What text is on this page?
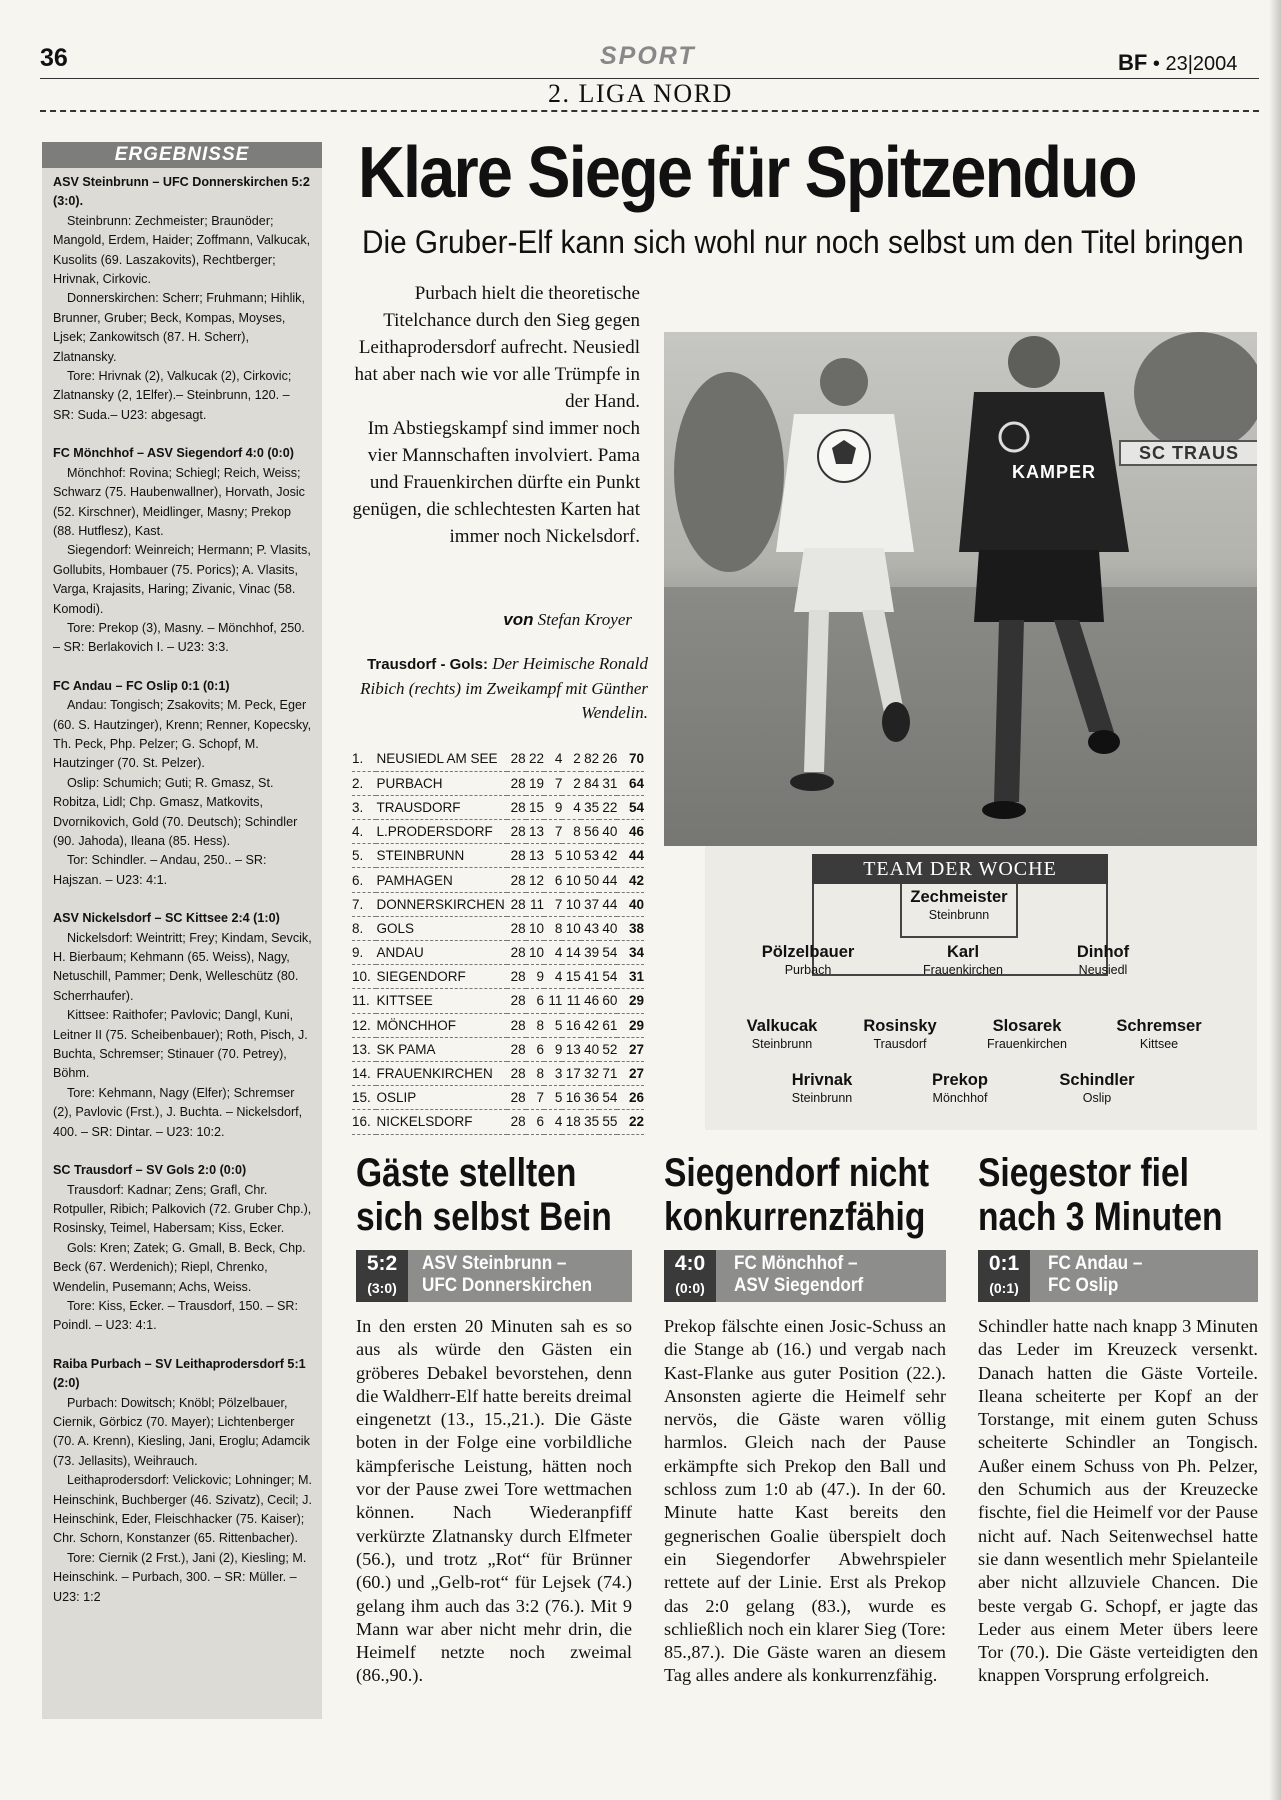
36	SPORT	BF • 23|2004
2. LIGA NORD
ERGEBNISSE
ASV Steinbrunn – UFC Donnerskirchen 5:2 (3:0).
Steinbrunn: Zechmeister; Braunöder; Mangold, Erdem, Haider; Zoffmann, Valkucak, Kusolits (69. Laszakovits), Rechtberger; Hrivnak, Cirkovic.
Donnerskirchen: Scherr; Fruhmann; Hihlik, Brunner, Gruber; Beck, Kompas, Moyses, Ljsek; Zankowitsch (87. H. Scherr), Zlatnansky.
Tore: Hrivnak (2), Valkucak (2), Cirkovic; Zlatnansky (2, 1Elfer).– Steinbrunn, 120. – SR: Suda.– U23: abgesagt.
FC Mönchhof – ASV Siegendorf 4:0 (0:0)
Mönchhof: Rovina; Schiegl; Reich, Weiss; Schwarz (75. Haubenwallner), Horvath, Josic (52. Kirschner), Meidlinger, Masny; Prekop (88. Hutflesz), Kast.
Siegendorf: Weinreich; Hermann; P. Vlasits, Gollubits, Hombauer (75. Porics); A. Vlasits, Varga, Krajasits, Haring; Zivanic, Vinac (58. Komodi).
Tore: Prekop (3), Masny. – Mönchhof, 250. – SR: Berlakovich I. – U23: 3:3.
FC Andau – FC Oslip 0:1 (0:1)
Andau: Tongisch; Zsakovits; M. Peck, Eger (60. S. Hautzinger), Krenn; Renner, Kopecsky, Th. Peck, Php. Pelzer; G. Schopf, M. Hautzinger (70. St. Pelzer).
Oslip: Schumich; Guti; R. Gmasz, St. Robitza, Lidl; Chp. Gmasz, Matkovits, Dvornikovich, Gold (70. Deutsch); Schindler (90. Jahoda), Ileana (85. Hess).
Tor: Schindler. – Andau, 250.. – SR: Hajszan. – U23: 4:1.
ASV Nickelsdorf – SC Kittsee 2:4 (1:0)
Nickelsdorf: Weintritt; Frey; Kindam, Sevcik, H. Bierbaum; Kehmann (65. Weiss), Nagy, Netuschill, Pammer; Denk, Welleschütz (80. Scherrhaufer).
Kittsee: Raithofer; Pavlovic; Dangl, Kuni, Leitner II (75. Scheibenbauer); Roth, Pisch, J. Buchta, Schremser; Stinauer (70. Petrey), Böhm.
Tore: Kehmann, Nagy (Elfer); Schremser (2), Pavlovic (Frst.), J. Buchta. – Nickelsdorf, 400. – SR: Dintar. – U23: 10:2.
SC Trausdorf – SV Gols 2:0 (0:0)
Trausdorf: Kadnar; Zens; Grafl, Chr. Rotpuller, Ribich; Palkovich (72. Gruber Chp.), Rosinsky, Teimel, Habersam; Kiss, Ecker.
Gols: Kren; Zatek; G. Gmall, B. Beck, Chp. Beck (67. Werdenich); Riepl, Chrenko, Wendelin, Pusemann; Achs, Weiss.
Tore: Kiss, Ecker. – Trausdorf, 150. – SR: Poindl. – U23: 4:1.
Raiba Purbach – SV Leithaprodersdorf 5:1 (2:0)
Purbach: Dowitsch; Knöbl; Pölzelbauer, Ciernik, Görbicz (70. Mayer); Lichtenberger (70. A. Krenn), Kiesling, Jani, Eroglu; Adamcik (73. Jellasits), Weihrauch.
Leithaprodersdorf: Velickovic; Lohninger; M. Heinschink, Buchberger (46. Szivatz), Cecil; J. Heinschink, Eder, Fleischhacker (75. Kaiser); Chr. Schorn, Konstanzer (65. Rittenbacher).
Tore: Ciernik (2 Frst.), Jani (2), Kiesling; M. Heinschink. – Purbach, 300. – SR: Müller. – U23: 1:2
Klare Siege für Spitzenduo
Die Gruber-Elf kann sich wohl nur noch selbst um den Titel bringen
Purbach hielt die theoretische Titelchance durch den Sieg gegen Leithaprodersdorf aufrecht. Neusiedl hat aber nach wie vor alle Trümpfe in der Hand.
Im Abstiegskampf sind immer noch vier Mannschaften involviert. Pama und Frauenkirchen dürfte ein Punkt genügen, die schlechtesten Karten hat immer noch Nickelsdorf.
von Stefan Kroyer
Trausdorf - Gols: Der Heimische Ronald Ribich (rechts) im Zweikampf mit Günther Wendelin.
1.	NEUSIEDL AM SEE	28	22	4	2	82	26	70
2.	PURBACH	28	19	7	2	84	31	64
3.	TRAUSDORF	28	15	9	4	35	22	54
4.	L.PRODERSDORF	28	13	7	8	56	40	46
5.	STEINBRUNN	28	13	5	10	53	42	44
6.	PAMHAGEN	28	12	6	10	50	44	42
7.	DONNERSKIRCHEN	28	11	7	10	37	44	40
8.	GOLS	28	10	8	10	43	40	38
9.	ANDAU	28	10	4	14	39	54	34
10.	SIEGENDORF	28	9	4	15	41	54	31
11.	KITTSEE	28	6	11	11	46	60	29
12.	MÖNCHHOF	28	8	5	16	42	61	29
13.	SK PAMA	28	6	9	13	40	52	27
14.	FRAUENKIRCHEN	28	8	3	17	32	71	27
15.	OSLIP	28	7	5	16	36	54	26
16.	NICKELSDORF	28	6	4	18	35	55	22
SC TRAUS
KAMPER
TEAM DER WOCHE
Zechmeister
Steinbrunn
Pölzelbauer
Purbach
Karl
Frauenkirchen
Dinhof
Neusiedl
Valkucak
Steinbrunn
Rosinsky
Trausdorf
Slosarek
Frauenkirchen
Schremser
Kittsee
Hrivnak
Steinbrunn
Prekop
Mönchhof
Schindler
Oslip
Gäste stellten
sich selbst Bein
5:2
(3:0)
ASV Steinbrunn –
UFC Donnerskirchen
In den ersten 20 Minuten sah es so aus als würde den Gästen ein gröberes Debakel bevorstehen, denn die Waldherr-Elf hatte bereits dreimal eingenetzt (13., 15.,21.). Die Gäste boten in der Folge eine vorbildliche kämpferische Leistung, hätten noch vor der Pause zwei Tore wettmachen können. Nach Wiederanpfiff verkürzte Zlatnansky durch Elfmeter (56.), und trotz „Rot“ für Brünner (60.) und „Gelb-rot“ für Lejsek (74.) gelang ihm auch das 3:2 (76.). Mit 9 Mann war aber nicht mehr drin, die Heimelf netzte noch zweimal (86.,90.).
Siegendorf nicht
konkurrenzfähig
4:0
(0:0)
FC Mönchhof –
ASV Siegendorf
Prekop fälschte einen Josic-Schuss an die Stange ab (16.) und vergab nach Kast-Flanke aus guter Position (22.). Ansonsten agierte die Heimelf sehr nervös, die Gäste waren völlig harmlos. Gleich nach der Pause erkämpfte sich Prekop den Ball und schloss zum 1:0 ab (47.). In der 60. Minute hatte Kast bereits den gegnerischen Goalie überspielt doch ein Siegendorfer Abwehrspieler rettete auf der Linie. Erst als Prekop das 2:0 gelang (83.), wurde es schließlich noch ein klarer Sieg (Tore: 85.,87.). Die Gäste waren an diesem Tag alles andere als konkurrenzfähig.
Siegestor fiel
nach 3 Minuten
0:1
(0:1)
FC Andau –
FC Oslip
Schindler hatte nach knapp 3 Minuten das Leder im Kreuzeck versenkt. Danach hatten die Gäste Vorteile. Ileana scheiterte per Kopf an der Torstange, mit einem guten Schuss scheiterte Schindler an Tongisch. Außer einem Schuss von Ph. Pelzer, den Schumich aus der Kreuzecke fischte, fiel die Heimelf vor der Pause nicht auf. Nach Seitenwechsel hatte sie dann wesentlich mehr Spielanteile aber nicht allzuviele Chancen. Die beste vergab G. Schopf, er jagte das Leder aus einem Meter übers leere Tor (70.). Die Gäste verteidigten den knappen Vorsprung erfolgreich.
